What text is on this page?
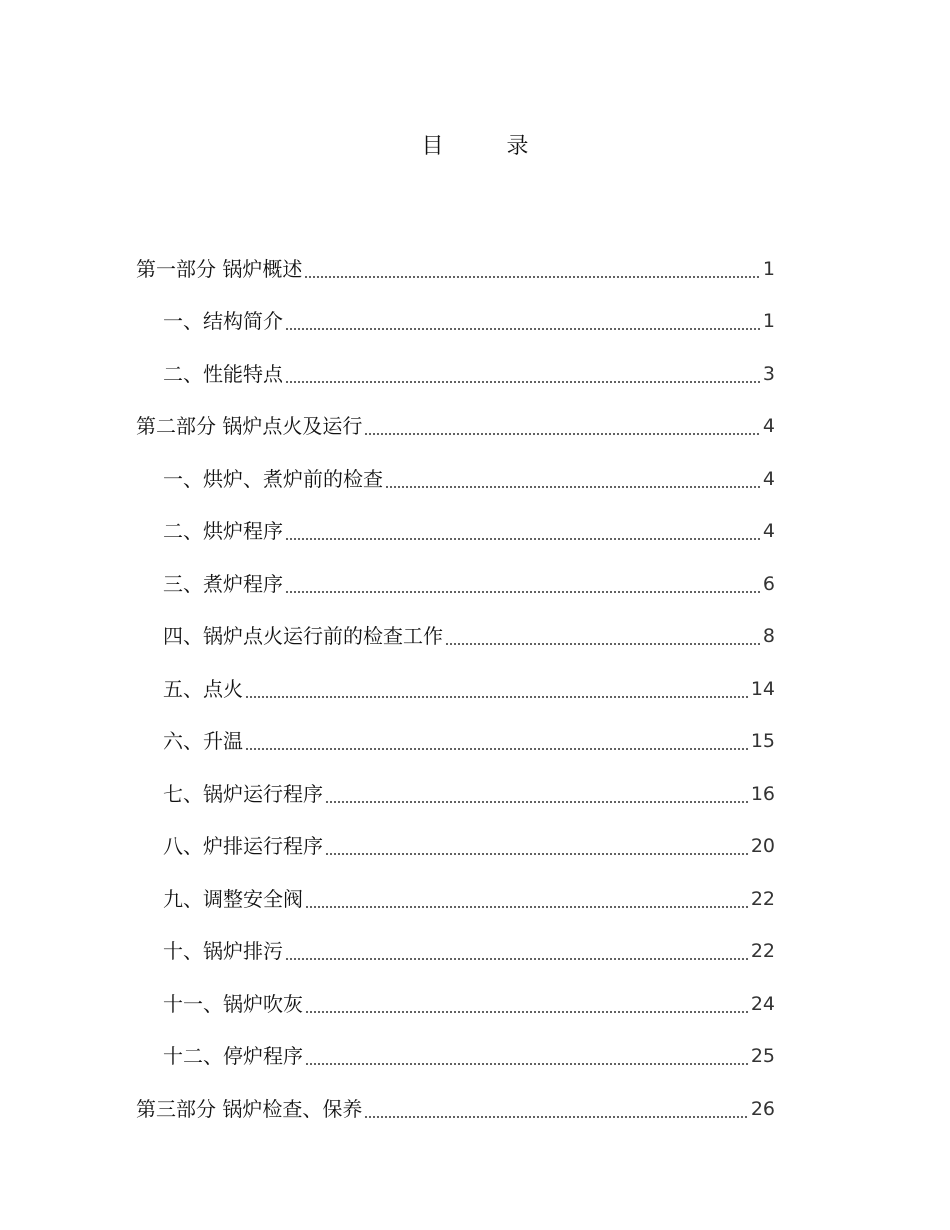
目 录
第一部分 锅炉概述	1
一、结构简介	1
二、性能特点	3
第二部分 锅炉点火及运行	4
一、烘炉、煮炉前的检查	4
二、烘炉程序	4
三、煮炉程序	6
四、锅炉点火运行前的检查工作	8
五、点火	14
六、升温	15
七、锅炉运行程序	16
八、炉排运行程序	20
九、调整安全阀	22
十、锅炉排污	22
十一、锅炉吹灰	24
十二、停炉程序	25
第三部分 锅炉检查、保养	26
